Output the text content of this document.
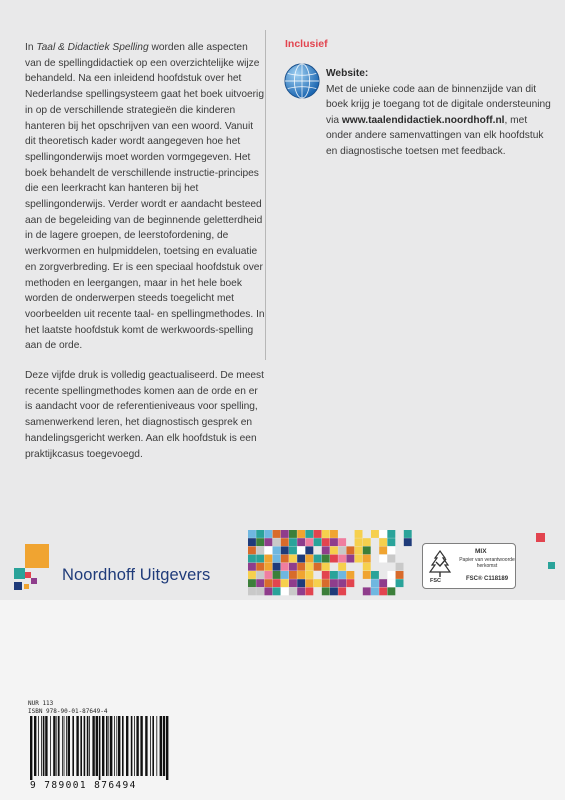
In Taal & Didactiek Spelling worden alle aspecten van de spellingdidactiek op een overzichtelijke wijze behandeld. Na een inleidend hoofdstuk over het Nederlandse spellingsysteem gaat het boek uitvoerig in op de verschillende strategieën die kinderen hanteren bij het opschrijven van een woord. Vanuit dit theoretisch kader wordt aangegeven hoe het spellingonderwijs moet worden vormgegeven. Het boek behandelt de verschillende instructie-principes die een leerkracht kan hanteren bij het spellingonderwijs. Verder wordt er aandacht besteed aan de begeleiding van de beginnende geletterdheid in de lagere groepen, de leerstofordening, de werkvormen en hulpmiddelen, toetsing en evaluatie en zorgverbreding. Er is een speciaal hoofdstuk over methoden en leergangen, maar in het hele boek worden de onderwerpen steeds toegelicht met voorbeelden uit recente taal- en spellingmethodes. In het laatste hoofdstuk komt de werkwoords-spelling aan de orde.

Deze vijfde druk is volledig geactualiseerd. De meest recente spellingmethodes komen aan de orde en er is aandacht voor de referentieniveaus voor spelling, samenwerkend leren, het diagnostisch gesprek en handelingsgericht werken. Aan elk hoofdstuk is een praktijkcasus toegevoegd.

Inclusief
Website:
Met de unieke code aan de binnenzijde van dit boek krijg je toegang tot de digitale ondersteuning via www.taalendidactiek.noordhoff.nl, met onder andere samenvattingen van elk hoofdstuk en diagnostische toetsen met feedback.
Noordhoff Uitgevers	FSC
MIX
Papier van verantwoorde herkomst
FSC® C118189
NUR 113
ISBN 978-90-01-87649-4
9 789001 876494
